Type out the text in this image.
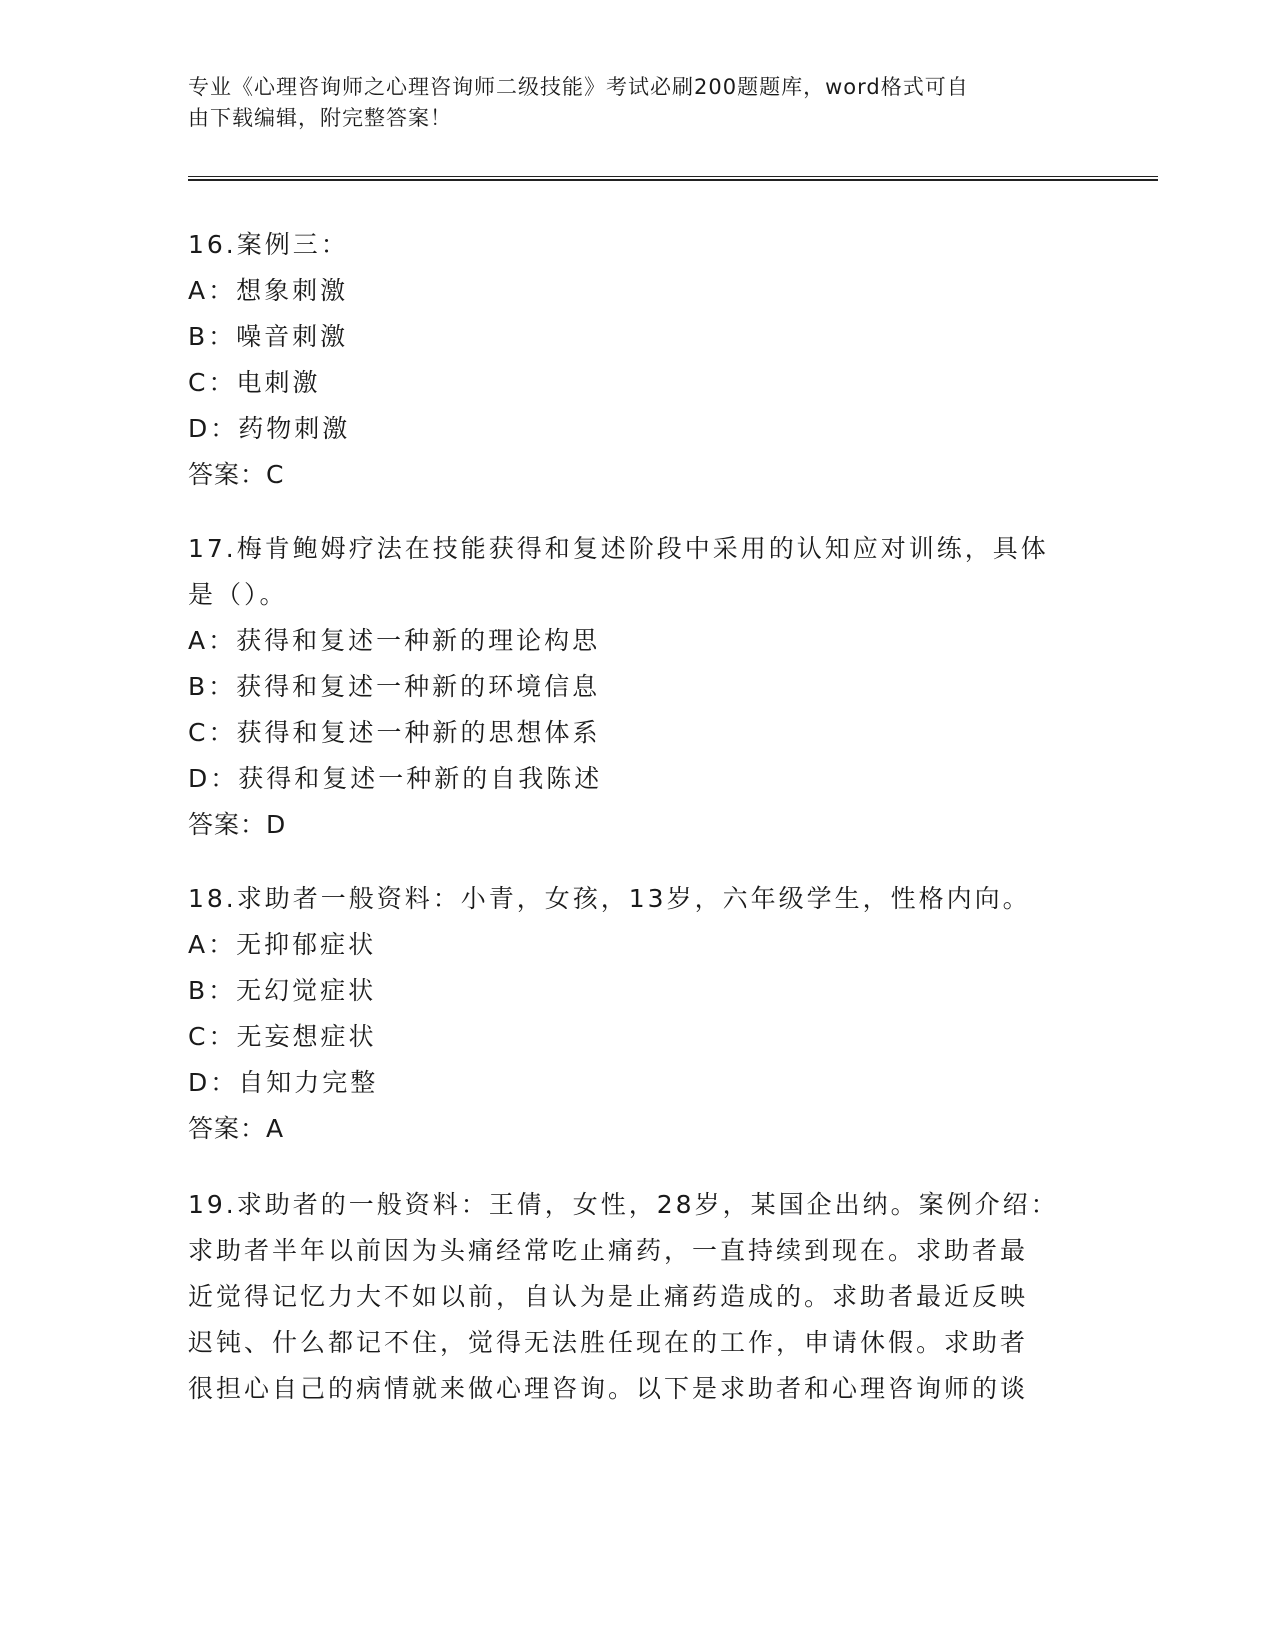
专业《心理咨询师之心理咨询师二级技能》考试必刷200题题库，word格式可自
由下载编辑，附完整答案！
16.案例三：
A：想象刺激
B：噪音刺激
C：电刺激
D：药物刺激
答案：C
17.梅肯鲍姆疗法在技能获得和复述阶段中采用的认知应对训练，具体
是（）。
A：获得和复述一种新的理论构思
B：获得和复述一种新的环境信息
C：获得和复述一种新的思想体系
D：获得和复述一种新的自我陈述
答案：D
18.求助者一般资料：小青，女孩，13岁，六年级学生，性格内向。
A：无抑郁症状
B：无幻觉症状
C：无妄想症状
D：自知力完整
答案：A
19.求助者的一般资料：王倩，女性，28岁，某国企出纳。案例介绍：
求助者半年以前因为头痛经常吃止痛药，一直持续到现在。求助者最
近觉得记忆力大不如以前，自认为是止痛药造成的。求助者最近反映
迟钝、什么都记不住，觉得无法胜任现在的工作，申请休假。求助者
很担心自己的病情就来做心理咨询。以下是求助者和心理咨询师的谈
